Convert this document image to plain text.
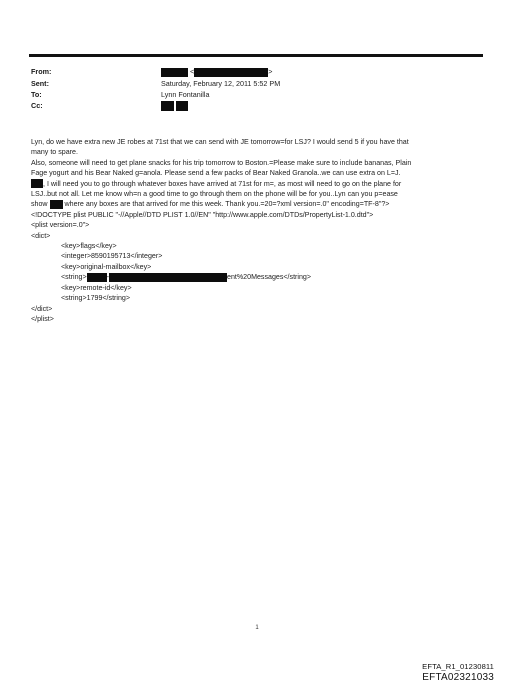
From:	<	>
Sent:	Saturday, February 12, 2011 5:52 PM
To:	Lynn Fontanilla
Cc:

Lyn, do we have extra new JE robes at 71st that we can send with JE tomorrow=for LSJ? I would send 5 if you have that

many to spare.

Also, someone will need to get plane snacks for his trip tomorrow to Boston.=Please make sure to include bananas, Plain

Fage yogurt and his Bear Naked g=anola. Please send a few packs of Bear Naked Granola..we can use extra on L=J.

, I will need you to go through whatever boxes have arrived at 71st for m=, as most will need to go on the plane for

LSJ..but not all. Let me know wh=n a good time to go through them on the phone will be for you..Lyn can you p=ease

show where any boxes are that arrived for me this week. Thank you.=20=?xml version=.0" encoding=TF-8"?>

<!DOCTYPE plist PUBLIC "-//Apple//DTD PLIST 1.0//EN" "http://www.apple.com/DTDs/PropertyList-1.0.dtd">

<plist version=.0">

<dict>

<key>flags</key>

<integer>8590195713</integer>

<key>original-mailbox</key>

<string>	-	ent%20Messages</string>

<key>remote-id</key>

<string>1799</string>

</dict>

</plist>

1
EFTA_R1_01230811
EFTA02321033
